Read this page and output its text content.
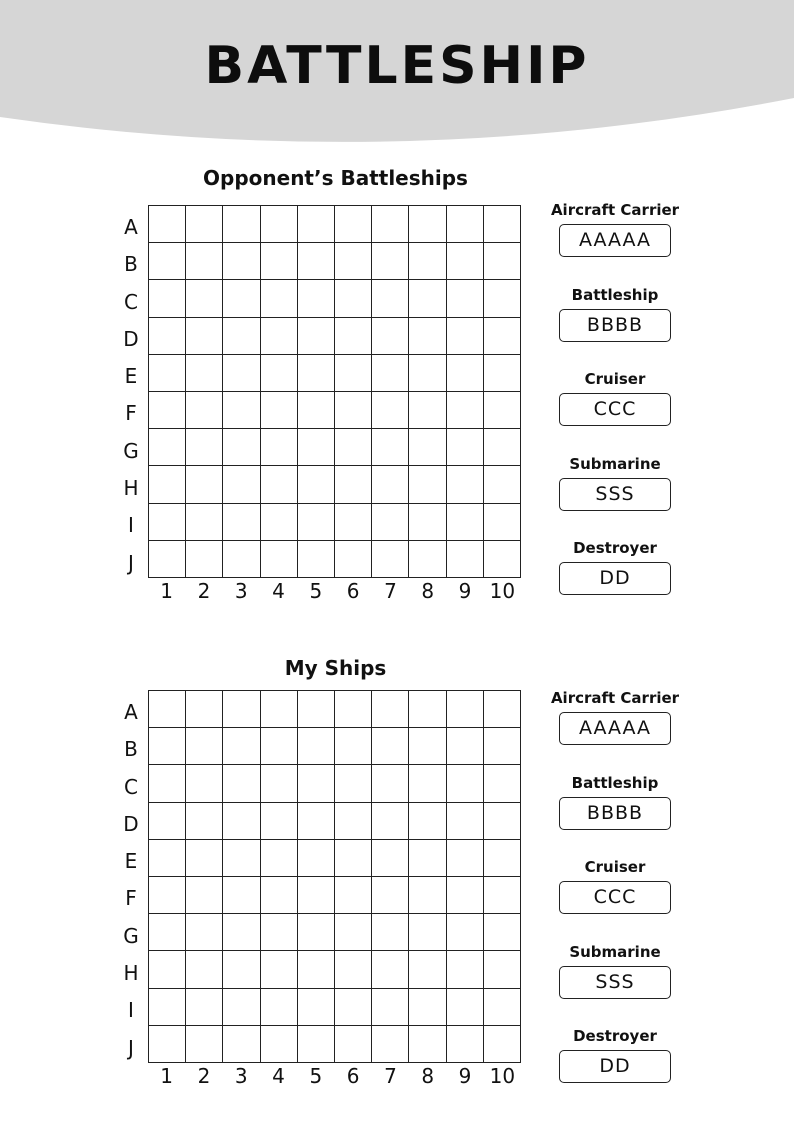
BATTLESHIP
Opponent’s Battleships
A
B
C
D
E
F
G
H
I
J
1	2	3	4	5	6	7	8	9 10
Aircraft Carrier
AAAAA
Battleship
BBBB
Cruiser
CCC
Submarine
SSS
Destroyer
DD
My Ships
A
B
C
D
E
F
G
H
I
J
1	2	3	4	5	6	7	8	9 10
Aircraft Carrier
AAAAA
Battleship
BBBB
Cruiser
CCC
Submarine
SSS
Destroyer
DD
